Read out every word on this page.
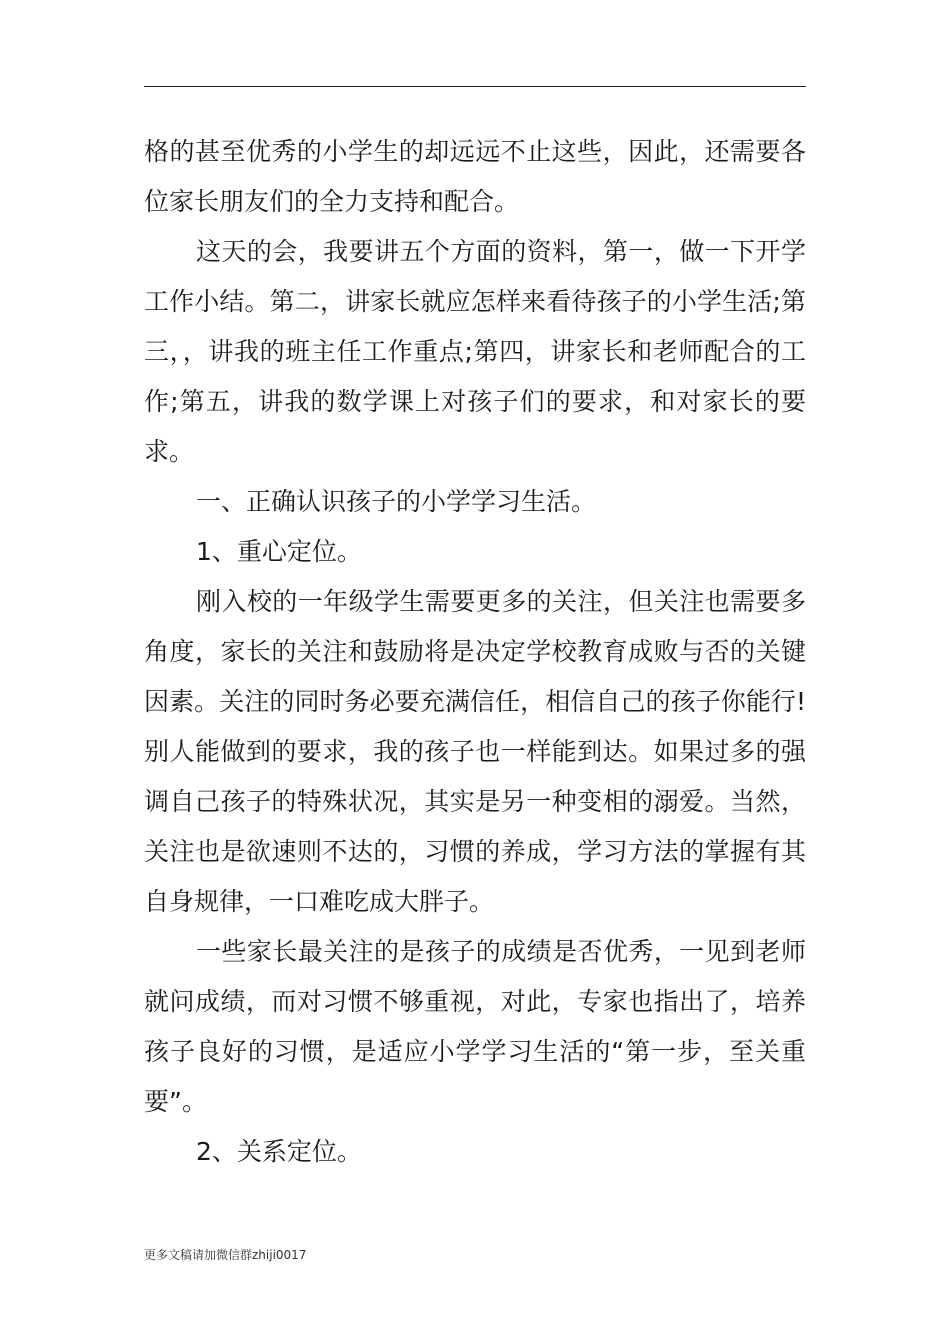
格的甚至优秀的小学生的却远远不止这些，因此，还需要各位家长朋友们的全力支持和配合。

这天的会，我要讲五个方面的资料，第一，做一下开学工作小结。第二，讲家长就应怎样来看待孩子的小学生活;第三，，讲我的班主任工作重点;第四，讲家长和老师配合的工作;第五，讲我的数学课上对孩子们的要求，和对家长的要求。

一、正确认识孩子的小学学习生活。

1、重心定位。

刚入校的一年级学生需要更多的关注，但关注也需要多角度，家长的关注和鼓励将是决定学校教育成败与否的关键因素。关注的同时务必要充满信任，相信自己的孩子你能行!别人能做到的要求，我的孩子也一样能到达。如果过多的强调自己孩子的特殊状况，其实是另一种变相的溺爱。当然，关注也是欲速则不达的，习惯的养成，学习方法的掌握有其自身规律，一口难吃成大胖子。

一些家长最关注的是孩子的成绩是否优秀，一见到老师就问成绩，而对习惯不够重视，对此，专家也指出了，培养孩子良好的习惯，是适应小学学习生活的“第一步，至关重要”。

2、关系定位。

更多文稿请加微信群zhiji0017
